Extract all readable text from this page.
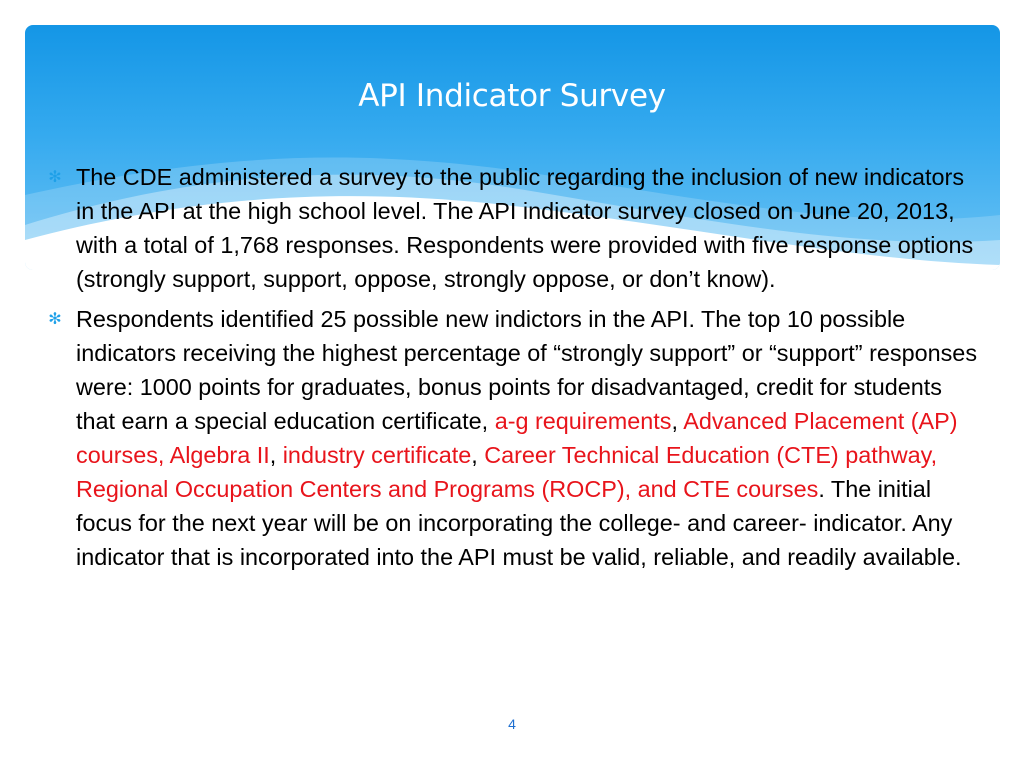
API Indicator Survey

✻ The CDE administered a survey to the public regarding the inclusion of new indicators in the API at the high school level. The API indicator survey closed on June 20, 2013, with a total of 1,768 responses. Respondents were provided with five response options (strongly support, support, oppose, strongly oppose, or don’t know).

✻ Respondents identified 25 possible new indictors in the API. The top 10 possible indicators receiving the highest percentage of “strongly support” or “support” responses were: 1000 points for graduates, bonus points for disadvantaged, credit for students that earn a special education certificate, a-g requirements, Advanced Placement (AP) courses, Algebra II, industry certificate, Career Technical Education (CTE) pathway, Regional Occupation Centers and Programs (ROCP), and CTE courses. The initial focus for the next year will be on incorporating the college- and career- indicator. Any indicator that is incorporated into the API must be valid, reliable, and readily available.

4
